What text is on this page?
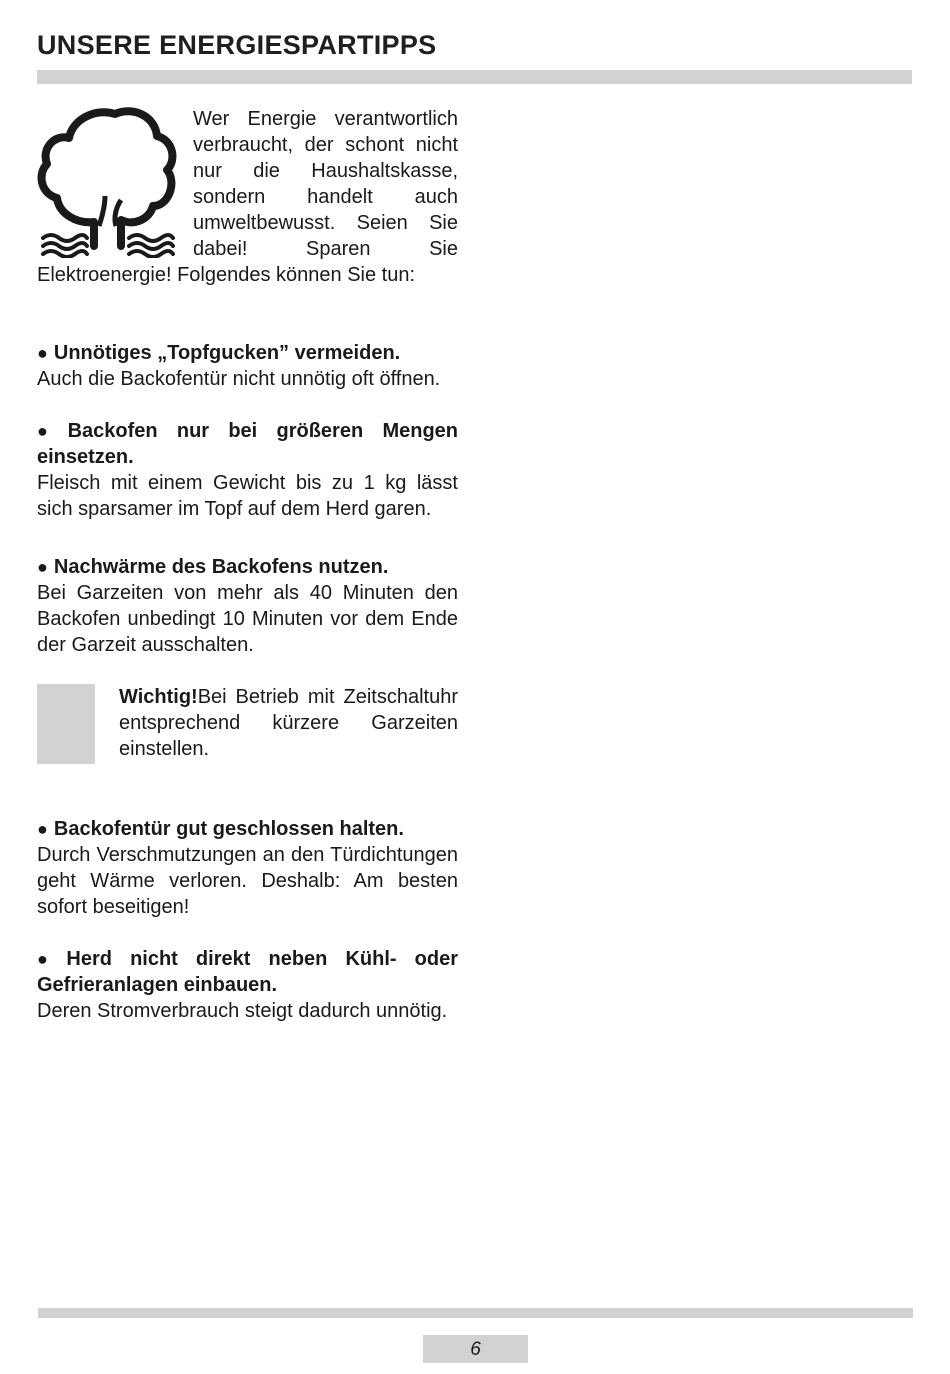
UNSERE ENERGIESPARTIPPS

Wer Energie verantwortlich verbraucht, der schont nicht nur die Haushaltskasse, sondern handelt auch umweltbewusst. Seien Sie dabei! Sparen Sie Elektroenergie! Folgendes können Sie tun:

● Unnötiges „Topfgucken” vermeiden.
Auch die Backofentür nicht unnötig oft öffnen.

● Backofen nur bei größeren Mengen einsetzen.
Fleisch mit einem Gewicht bis zu 1 kg lässt sich sparsamer im Topf auf dem Herd garen.

● Nachwärme des Backofens nutzen.
Bei Garzeiten von mehr als 40 Minuten den Backofen unbedingt 10 Minuten vor dem Ende der Garzeit ausschalten.

Wichtig!Bei Betrieb mit Zeitschaltuhr entsprechend kürzere Garzeiten einstellen.

● Backofentür gut geschlossen halten.
Durch Verschmutzungen an den Türdichtungen geht Wärme verloren. Deshalb: Am besten sofort beseitigen!

● Herd nicht direkt neben Kühl- oder Gefrieranlagen einbauen.
Deren Stromverbrauch steigt dadurch unnötig.

6
